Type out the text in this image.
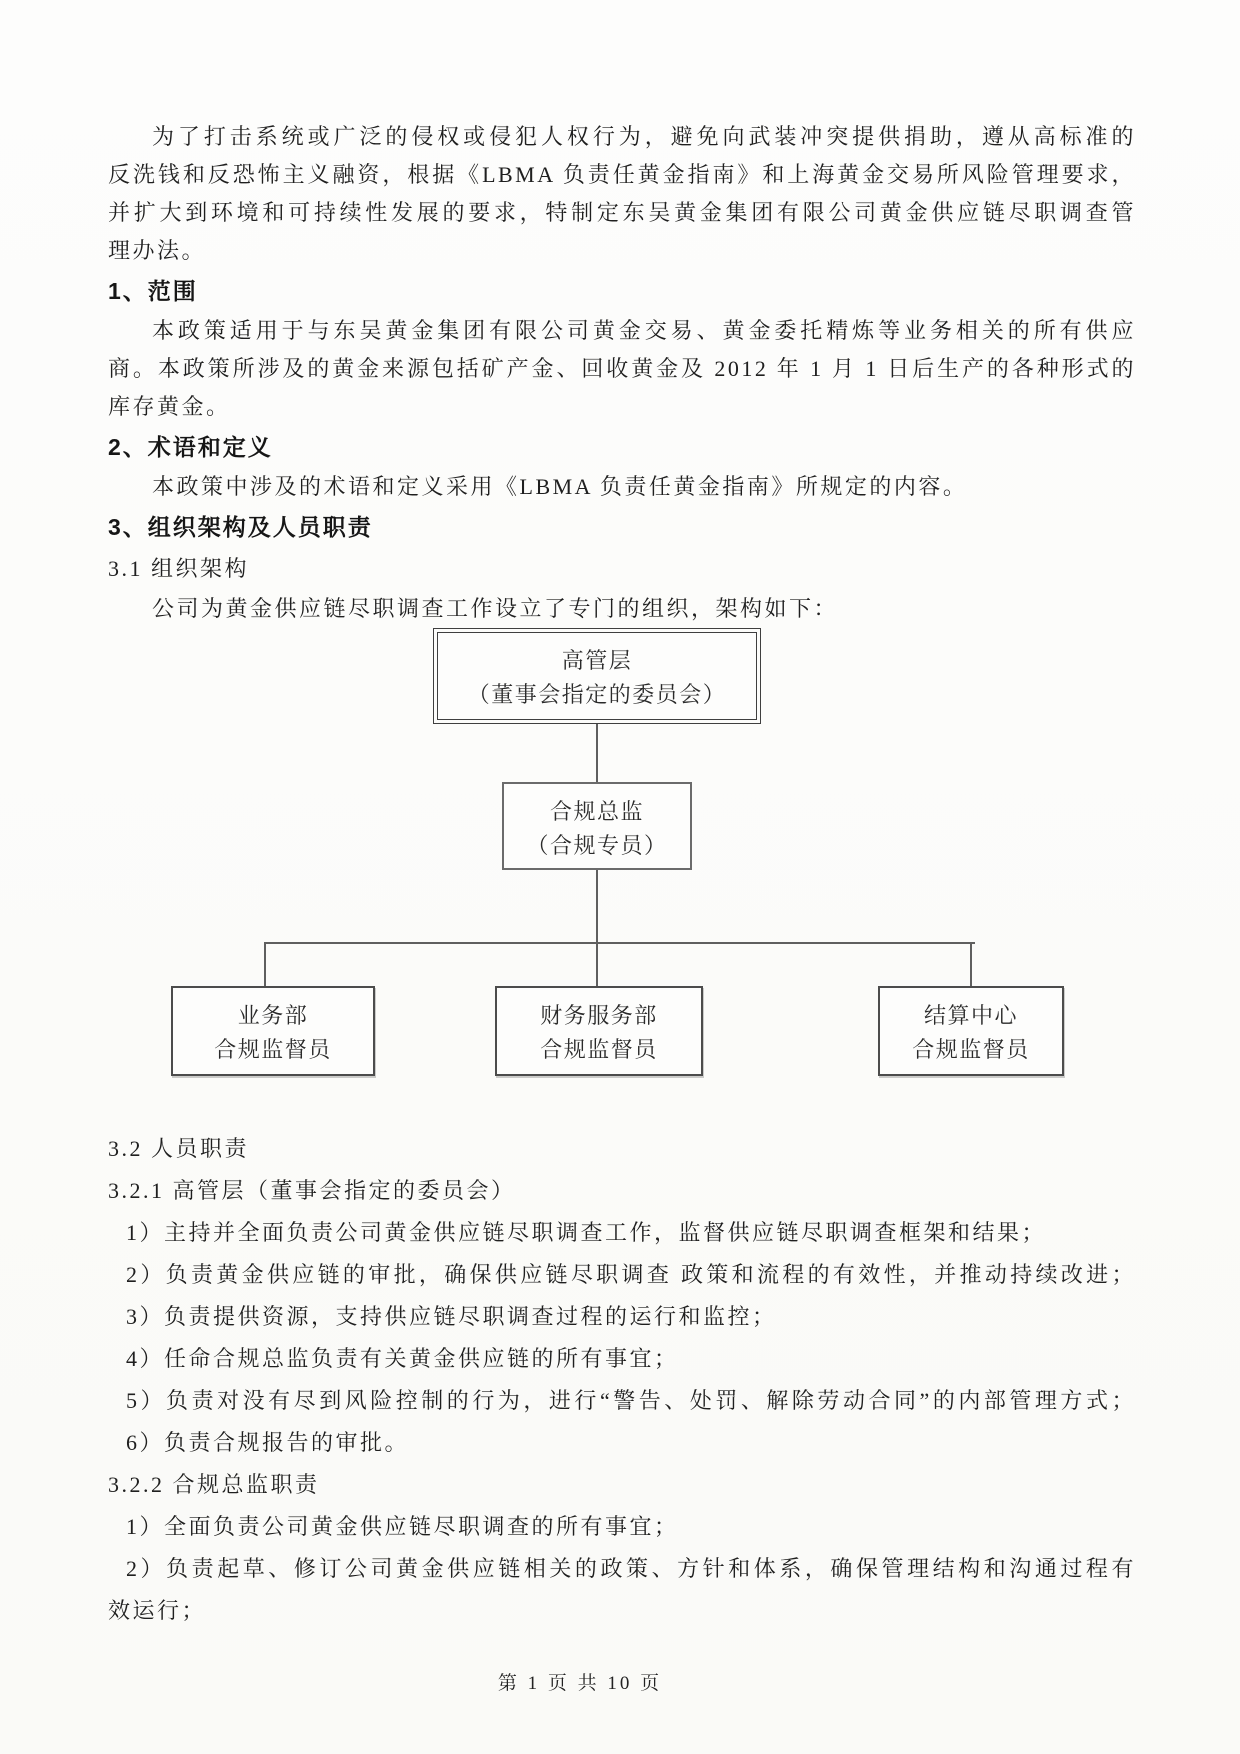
为了打击系统或广泛的侵权或侵犯人权行为，避免向武装冲突提供捐助，遵从高标准的
反洗钱和反恐怖主义融资，根据《LBMA 负责任黄金指南》和上海黄金交易所风险管理要求，
并扩大到环境和可持续性发展的要求，特制定东吴黄金集团有限公司黄金供应链尽职调查管
理办法。
1、范围
本政策适用于与东吴黄金集团有限公司黄金交易、黄金委托精炼等业务相关的所有供应
商。本政策所涉及的黄金来源包括矿产金、回收黄金及 2012 年 1 月 1 日后生产的各种形式的
库存黄金。
2、术语和定义
本政策中涉及的术语和定义采用《LBMA 负责任黄金指南》所规定的内容。
3、组织架构及人员职责
3.1 组织架构
公司为黄金供应链尽职调查工作设立了专门的组织，架构如下：
高管层
（董事会指定的委员会）
合规总监
（合规专员）
业务部
合规监督员
财务服务部
合规监督员
结算中心
合规监督员
3.2 人员职责
3.2.1 高管层（董事会指定的委员会）
1）主持并全面负责公司黄金供应链尽职调查工作，监督供应链尽职调查框架和结果；
2）负责黄金供应链的审批，确保供应链尽职调查 政策和流程的有效性，并推动持续改进；
3）负责提供资源，支持供应链尽职调查过程的运行和监控；
4）任命合规总监负责有关黄金供应链的所有事宜；
5）负责对没有尽到风险控制的行为，进行“警告、处罚、解除劳动合同”的内部管理方式；
6）负责合规报告的审批。
3.2.2 合规总监职责
1）全面负责公司黄金供应链尽职调查的所有事宜；
2）负责起草、修订公司黄金供应链相关的政策、方针和体系，确保管理结构和沟通过程有
效运行；
第 1 页 共 10 页
